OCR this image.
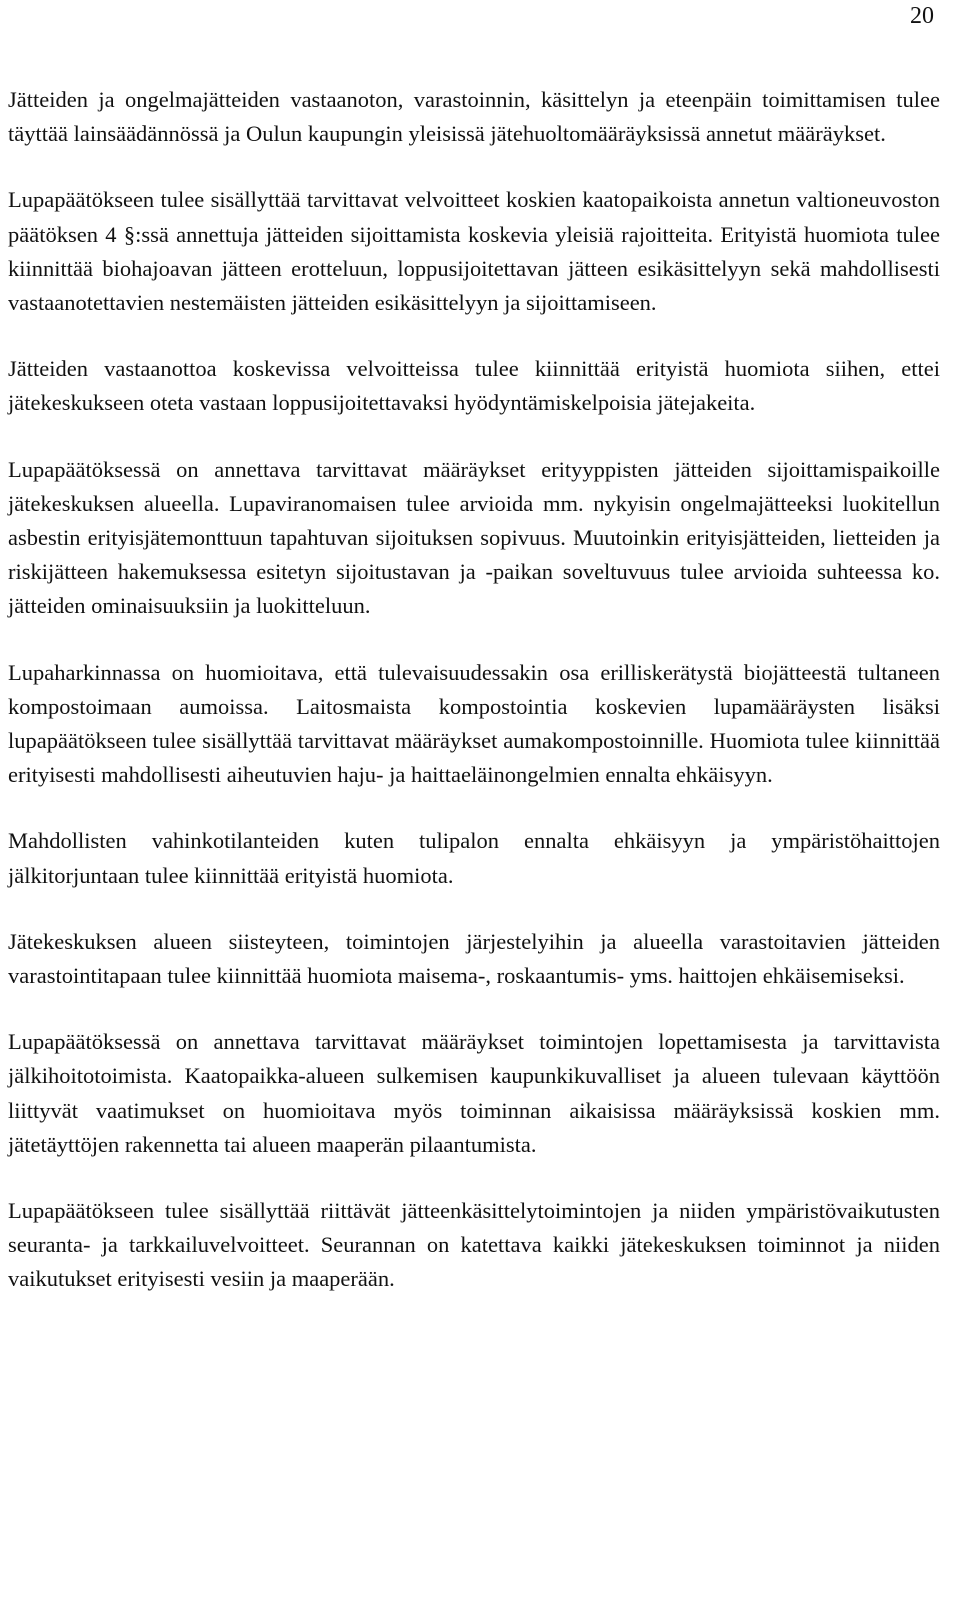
20

Jätteiden ja ongelmajätteiden vastaanoton, varastoinnin, käsittelyn ja eteenpäin toimittamisen tulee täyttää lainsäädännössä ja Oulun kaupungin yleisissä jätehuoltomääräyksissä annetut määräykset.

Lupapäätökseen tulee sisällyttää tarvittavat velvoitteet koskien kaatopaikoista annetun valtioneuvoston päätöksen 4 §:ssä annettuja jätteiden sijoittamista koskevia yleisiä rajoitteita. Erityistä huomiota tulee kiinnittää biohajoavan jätteen erotteluun, loppusijoitettavan jätteen esikäsittelyyn sekä mahdollisesti vastaanotettavien nestemäisten jätteiden esikäsittelyyn ja sijoittamiseen.

Jätteiden vastaanottoa koskevissa velvoitteissa tulee kiinnittää erityistä huomiota siihen, ettei jätekeskukseen oteta vastaan loppusijoitettavaksi hyödyntämiskelpoisia jätejakeita.

Lupapäätöksessä on annettava tarvittavat määräykset erityyppisten jätteiden sijoittamispaikoille jätekeskuksen alueella. Lupaviranomaisen tulee arvioida mm. nykyisin ongelmajätteeksi luokitellun asbestin erityisjätemonttuun tapahtuvan sijoituksen sopivuus. Muutoinkin erityisjätteiden, lietteiden ja riskijätteen hakemuksessa esitetyn sijoitustavan ja -paikan soveltuvuus tulee arvioida suhteessa ko. jätteiden ominaisuuksiin ja luokitteluun.

Lupaharkinnassa on huomioitava, että tulevaisuudessakin osa erilliskerätystä biojätteestä tultaneen kompostoimaan aumoissa. Laitosmaista kompostointia koskevien lupamääräysten lisäksi lupapäätökseen tulee sisällyttää tarvittavat määräykset aumakompostoinnille. Huomiota tulee kiinnittää erityisesti mahdollisesti aiheutuvien haju- ja haittaeläinongelmien ennalta ehkäisyyn.

Mahdollisten vahinkotilanteiden kuten tulipalon ennalta ehkäisyyn ja ympäristöhaittojen jälkitorjuntaan tulee kiinnittää erityistä huomiota.

Jätekeskuksen alueen siisteyteen, toimintojen järjestelyihin ja alueella varastoitavien jätteiden varastointitapaan tulee kiinnittää huomiota maisema-, roskaantumis- yms. haittojen ehkäisemiseksi.

Lupapäätöksessä on annettava tarvittavat määräykset toimintojen lopettamisesta ja tarvittavista jälkihoitotoimista. Kaatopaikka-alueen sulkemisen kaupunkikuvalliset ja alueen tulevaan käyttöön liittyvät vaatimukset on huomioitava myös toiminnan aikaisissa määräyksissä koskien mm. jätetäyttöjen rakennetta tai alueen maaperän pilaantumista.

Lupapäätökseen tulee sisällyttää riittävät jätteenkäsittelytoimintojen ja niiden ympäristövaikutusten seuranta- ja tarkkailuvelvoitteet. Seurannan on katettava kaikki jätekeskuksen toiminnot ja niiden vaikutukset erityisesti vesiin ja maaperään.
